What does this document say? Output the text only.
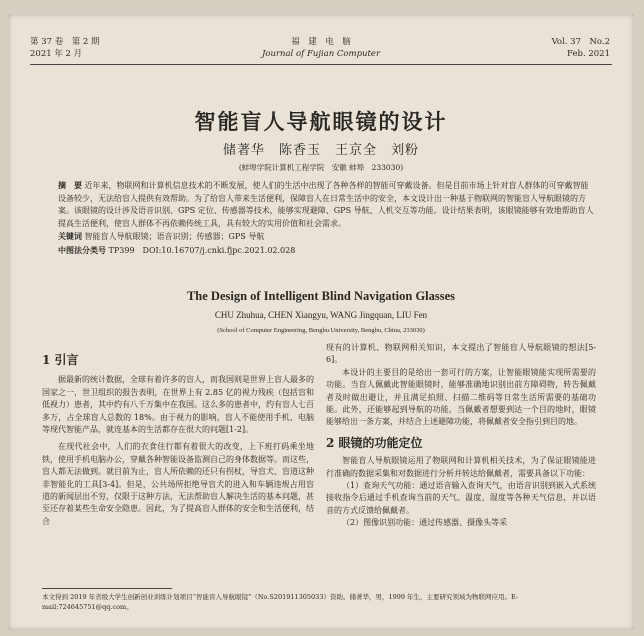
第 37 卷　第 2 期
2021 年 2 月
福　建　电　脑
Journal of Fujian Computer
Vol. 37　No.2
Feb. 2021
智能盲人导航眼镜的设计
储著华　陈香玉　王京全　刘粉
(蚌埠学院计算机工程学院　安徽 蚌埠　233030)
摘　要 近年来，物联网和计算机信息技术的不断发展，使人们的生活中出现了各种各样的智能可穿戴设备。但是目前市场上针对盲人群体的可穿戴智能设备较少，无法给盲人提供有效帮助。为了给盲人带来生活便利，保障盲人在日常生活中的安全，本文设计出一种基于物联网的智能盲人导航眼镜的方案。该眼镜的设计涉及语音识别、GPS 定位、传感器等技术，能够实现避障、GPS 导航、人机交互等功能。设计结果表明，该眼镜能够有效地帮助盲人提高生活便利，使盲人群体不再依赖传统工具，具有较大的实用价值和社会需求。
关键词 智能盲人导航眼镜；语音识别；传感器；GPS 导航
中图法分类号 TP399　DOI:10.16707/j.cnki.fjpc.2021.02.028
The Design of Intelligent Blind Navigation Glasses
CHU Zhuhua, CHEN Xiangyu, WANG Jingquan, LIU Fen
(School of Computer Engineering, Bengbu University, Bengbu, China, 233030)
1 引言

据最新的统计数据，全球有着许多的盲人，而我国则是世界上盲人最多的国家之一，世卫组织的报告表明，在世界上有 2.85 亿的视力残疾（包括盲和低视力）患者，其中约有八千万集中在我国。这么多的患者中，约有盲人七百多万，占全球盲人总数的 18%。由于视力的影响，盲人不能使用手机、电脑等现代智能产品，就连基本的生活都存在很大的问题[1-2]。

在现代社会中，人们的衣食住行都有着很大的改变，上下班打码乘坐地铁，使用手机电脑办公，穿戴各种智能设备监测自己的身体数据等。而这些，盲人都无法做到。就目前为止，盲人所依赖的还只有拐杖，导盲犬、盲道这种非智能化的工具[3-4]。但是，公共场所拒绝导盲犬的进入和车辆违规占用盲道的新闻层出不穷，仅限于这种方法，无法帮助盲人解决生活的基本问题，甚至还存着某些生命安全隐患。因此，为了提高盲人群体的安全和生活便利，结合

现有的计算机、物联网相关知识，本文提出了智能盲人导航眼镜的想法[5-6]。

本设计的主要目的是给出一套可行的方案，让智能眼镜能实现所需要的功能。当盲人佩戴此智能眼镜时，能够准确地识别出前方障碍物，转告佩戴者及时做出避让，并且满足拍照、扫描二维码等日常生活所需要的基础功能。此外，还能够起到导航的功能，当佩戴者想要到达一个目的地时，眼镜能够给出一条方案，并结合上述避障功能，将佩戴者安全指引到目的地。

2 眼镜的功能定位

智能盲人导航眼镜运用了物联网和计算机相关技术，为了保证眼镜能进行准确的数据采集和对数据进行分析并转达给佩戴者，需要具备以下功能：

（1）查询天气功能：通过语音输入查询天气，由语音识别到嵌入式系统接收指令后通过手机查询当前的天气、温度、湿度等各种天气信息，并以语音的方式反馈给佩戴者。

（2）图像识别功能：通过传感器、摄像头等采

本文得到 2019 年省级大学生创新创业训练计划项目“智能盲人导航眼镜”（No.S201911305033）资助。储著华，男，1999 年生，主要研究领域为物联网应用。E-mail:724645751@qq.com。
